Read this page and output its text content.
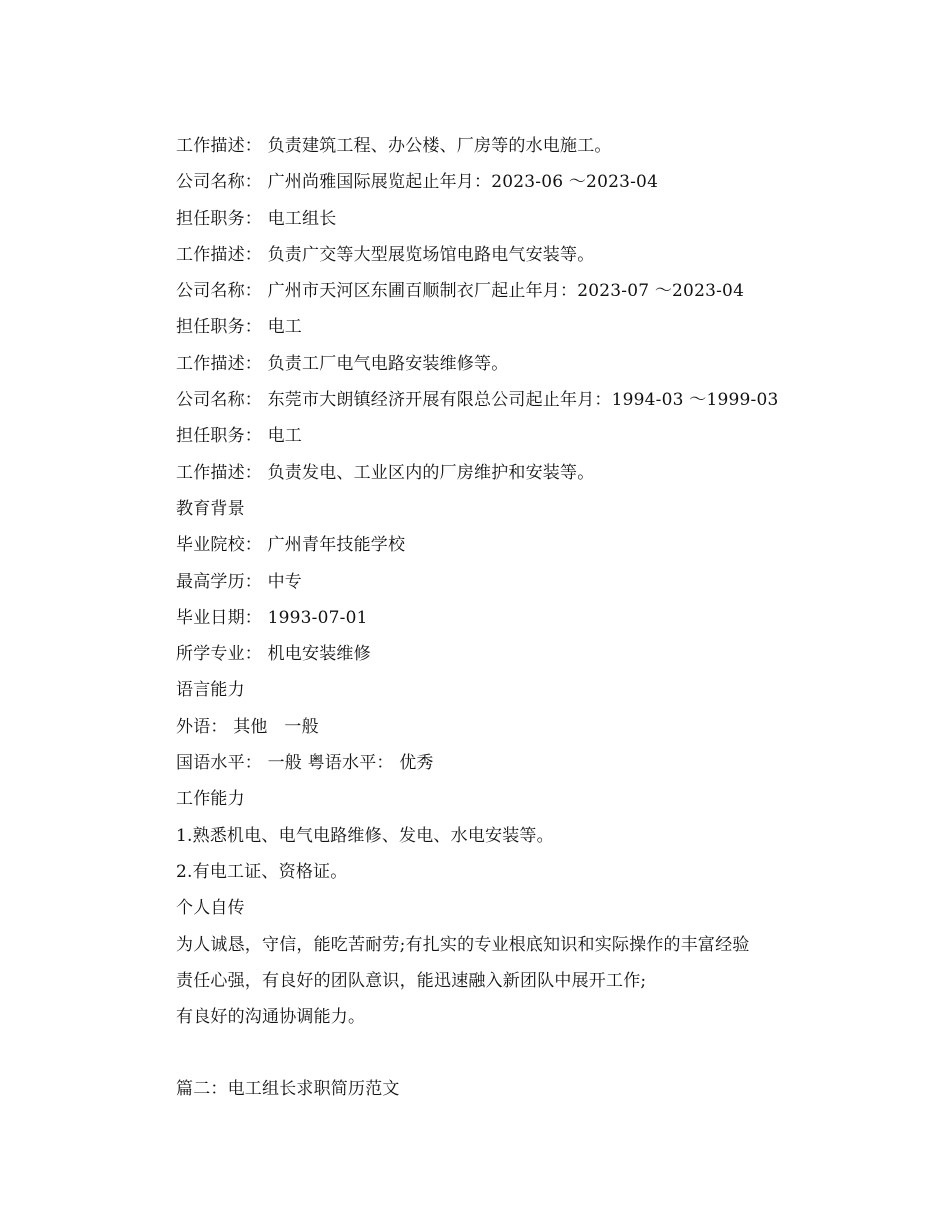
工作描述： 负责建筑工程、办公楼、厂房等的水电施工。
公司名称： 广州尚雅国际展览起止年月：2023-06 ～2023-04
担任职务： 电工组长
工作描述： 负责广交等大型展览场馆电路电气安装等。
公司名称： 广州市天河区东圃百顺制衣厂起止年月：2023-07 ～2023-04
担任职务： 电工
工作描述： 负责工厂电气电路安装维修等。
公司名称： 东莞市大朗镇经济开展有限总公司起止年月：1994-03 ～1999-03
担任职务： 电工
工作描述： 负责发电、工业区内的厂房维护和安装等。
教育背景
毕业院校： 广州青年技能学校
最高学历： 中专
毕业日期： 1993-07-01
所学专业： 机电安装维修
语言能力
外语： 其他   一般
国语水平： 一般 粤语水平： 优秀
工作能力
1.熟悉机电、电气电路维修、发电、水电安装等。
2.有电工证、资格证。
个人自传
为人诚恳，守信，能吃苦耐劳;有扎实的专业根底知识和实际操作的丰富经验
责任心强，有良好的团队意识，能迅速融入新团队中展开工作;
有良好的沟通协调能力。
篇二：电工组长求职简历范文
